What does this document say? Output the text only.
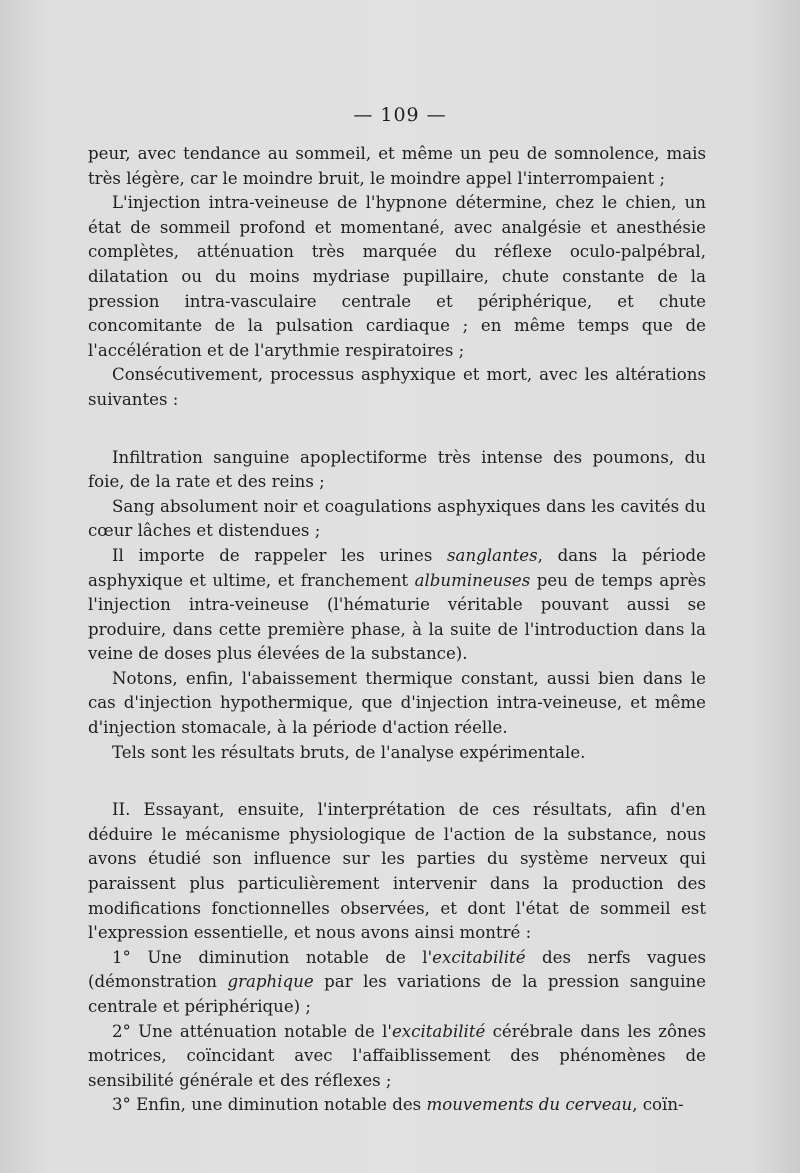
— 109 —

peur, avec tendance au sommeil, et même un peu de somnolence, mais très légère, car le moindre bruit, le moindre appel l'interrompaient ;

L'injection intra-veineuse de l'hypnone détermine, chez le chien, un état de sommeil profond et momentané, avec analgésie et anesthésie complètes, atténuation très marquée du réflexe oculo-palpébral, dilatation ou du moins mydriase pupillaire, chute constante de la pression intra-vasculaire centrale et périphérique, et chute concomitante de la pulsation cardiaque ; en même temps que de l'accélération et de l'arythmie respiratoires ;

Consécutivement, processus asphyxique et mort, avec les altérations suivantes :

Infiltration sanguine apoplectiforme très intense des poumons, du foie, de la rate et des reins ;

Sang absolument noir et coagulations asphyxiques dans les cavités du cœur lâches et distendues ;

Il importe de rappeler les urines sanglantes, dans la période asphyxique et ultime, et franchement albumineuses peu de temps après l'injection intra-veineuse (l'hématurie véritable pouvant aussi se produire, dans cette première phase, à la suite de l'introduction dans la veine de doses plus élevées de la substance).

Notons, enfin, l'abaissement thermique constant, aussi bien dans le cas d'injection hypothermique, que d'injection intra-veineuse, et même d'injection stomacale, à la période d'action réelle.

Tels sont les résultats bruts, de l'analyse expérimentale.

II. Essayant, ensuite, l'interprétation de ces résultats, afin d'en déduire le mécanisme physiologique de l'action de la substance, nous avons étudié son influence sur les parties du système nerveux qui paraissent plus particulièrement intervenir dans la production des modifications fonctionnelles observées, et dont l'état de sommeil est l'expression essentielle, et nous avons ainsi montré :

1° Une diminution notable de l'excitabilité des nerfs vagues (démonstration graphique par les variations de la pression sanguine centrale et périphérique) ;

2° Une atténuation notable de l'excitabilité cérébrale dans les zônes motrices, coïncidant avec l'affaiblissement des phénomènes de sensibilité générale et des réflexes ;

3° Enfin, une diminution notable des mouvements du cerveau, coïn-
